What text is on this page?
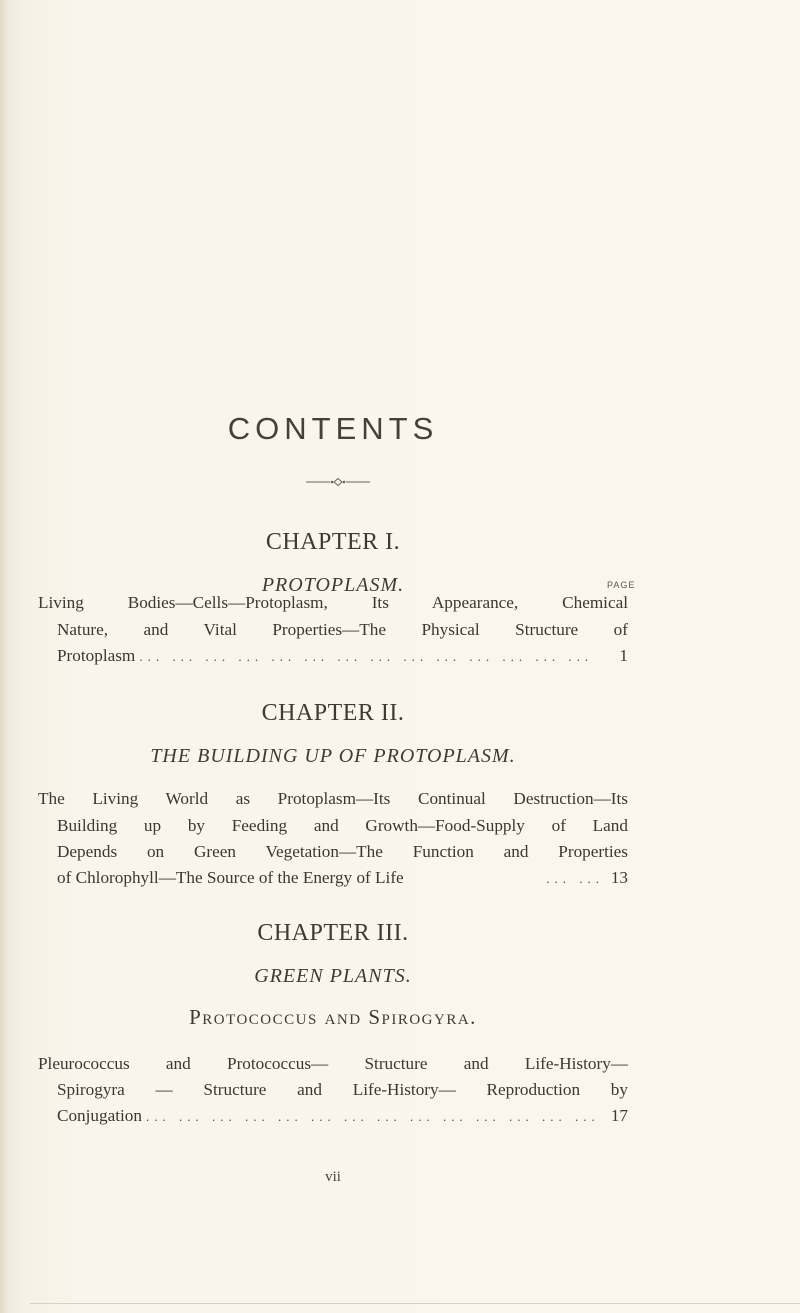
CONTENTS
CHAPTER I.
PROTOPLASM.	PAGE
Living Bodies—Cells—Protoplasm, Its Appearance, Chemical
Nature, and Vital Properties—The Physical Structure of
Protoplasm ... ... ... ... ... ... ... ... ... ... ... ... ... ...	1
CHAPTER II.
THE BUILDING UP OF PROTOPLASM.
The Living World as Protoplasm—Its Continual Destruction—Its
Building up by Feeding and Growth—Food-Supply of Land
Depends on Green Vegetation—The Function and Properties
of Chlorophyll—The Source of the Energy of Life	... ... 13
CHAPTER III.
GREEN PLANTS.
Protococcus and Spirogyra.
Pleurococcus and Protococcus— Structure and Life-History—
Spirogyra — Structure and Life-History— Reproduction by
Conjugation ... ... ... ... ... ... ... ... ... ... ... ... ... ... 17
vii
